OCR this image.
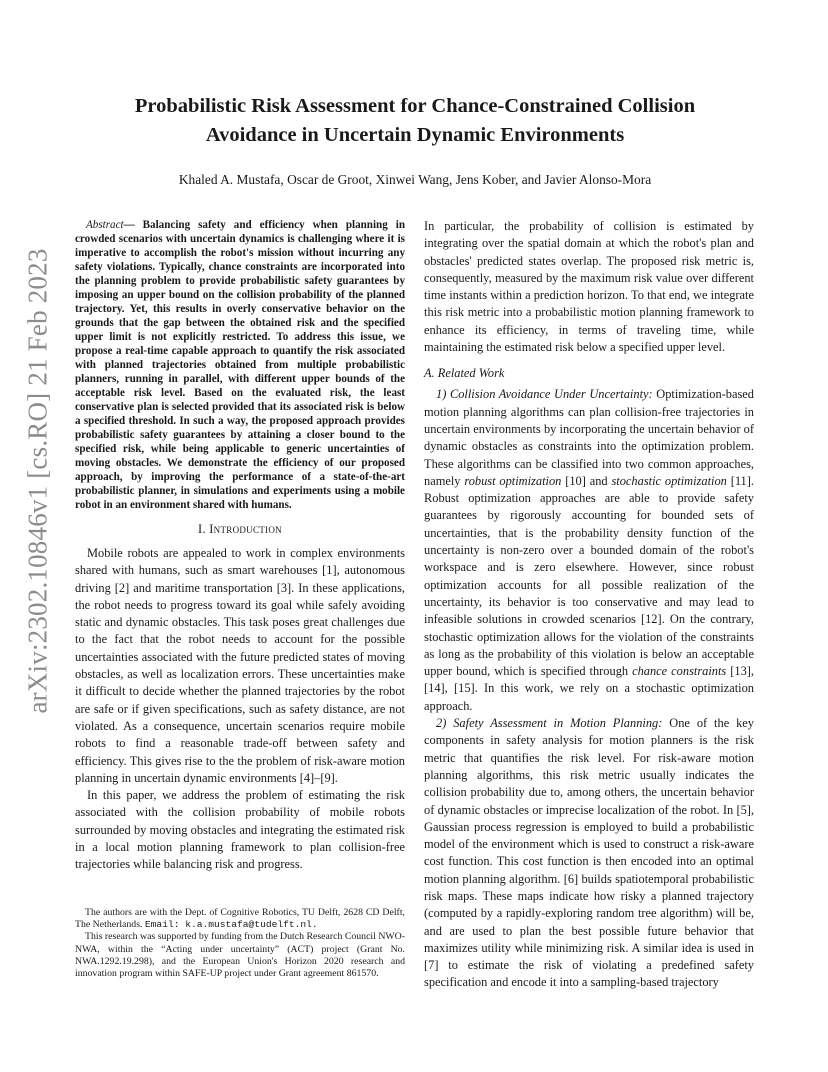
arXiv:2302.10846v1 [cs.RO] 21 Feb 2023
Probabilistic Risk Assessment for Chance-Constrained Collision
Avoidance in Uncertain Dynamic Environments
Khaled A. Mustafa, Oscar de Groot, Xinwei Wang, Jens Kober, and Javier Alonso-Mora

Abstract— Balancing safety and efficiency when planning in crowded scenarios with uncertain dynamics is challenging where it is imperative to accomplish the robot's mission without incurring any safety violations. Typically, chance constraints are incorporated into the planning problem to provide probabilistic safety guarantees by imposing an upper bound on the collision probability of the planned trajectory. Yet, this results in overly conservative behavior on the grounds that the gap between the obtained risk and the specified upper limit is not explicitly restricted. To address this issue, we propose a real-time capable approach to quantify the risk associated with planned trajectories obtained from multiple probabilistic planners, running in parallel, with different upper bounds of the acceptable risk level. Based on the evaluated risk, the least conservative plan is selected provided that its associated risk is below a specified threshold. In such a way, the proposed approach provides probabilistic safety guarantees by attaining a closer bound to the specified risk, while being applicable to generic uncertainties of moving obstacles. We demonstrate the efficiency of our proposed approach, by improving the performance of a state-of-the-art probabilistic planner, in simulations and experiments using a mobile robot in an environment shared with humans.

I. Introduction

Mobile robots are appealed to work in complex environments shared with humans, such as smart warehouses [1], autonomous driving [2] and maritime transportation [3]. In these applications, the robot needs to progress toward its goal while safely avoiding static and dynamic obstacles. This task poses great challenges due to the fact that the robot needs to account for the possible uncertainties associated with the future predicted states of moving obstacles, as well as localization errors. These uncertainties make it difficult to decide whether the planned trajectories by the robot are safe or if given specifications, such as safety distance, are not violated. As a consequence, uncertain scenarios require mobile robots to find a reasonable trade-off between safety and efficiency. This gives rise to the the problem of risk-aware motion planning in uncertain dynamic environments [4]–[9].

In this paper, we address the problem of estimating the risk associated with the collision probability of mobile robots surrounded by moving obstacles and integrating the estimated risk in a local motion planning framework to plan collision-free trajectories while balancing risk and progress.

The authors are with the Dept. of Cognitive Robotics, TU Delft, 2628 CD Delft, The Netherlands. Email: k.a.mustafa@tudelft.nl.

This research was supported by funding from the Dutch Research Council NWO-NWA, within the “Acting under uncertainty” (ACT) project (Grant No. NWA.1292.19.298), and the European Union's Horizon 2020 research and innovation program within SAFE-UP project under Grant agreement 861570.

In particular, the probability of collision is estimated by integrating over the spatial domain at which the robot's plan and obstacles' predicted states overlap. The proposed risk metric is, consequently, measured by the maximum risk value over different time instants within a prediction horizon. To that end, we integrate this risk metric into a probabilistic motion planning framework to enhance its efficiency, in terms of traveling time, while maintaining the estimated risk below a specified upper level.

A. Related Work

1) Collision Avoidance Under Uncertainty: Optimization-based motion planning algorithms can plan collision-free trajectories in uncertain environments by incorporating the uncertain behavior of dynamic obstacles as constraints into the optimization problem. These algorithms can be classified into two common approaches, namely robust optimization [10] and stochastic optimization [11]. Robust optimization approaches are able to provide safety guarantees by rigorously accounting for bounded sets of uncertainties, that is the probability density function of the uncertainty is non-zero over a bounded domain of the robot's workspace and is zero elsewhere. However, since robust optimization accounts for all possible realization of the uncertainty, its behavior is too conservative and may lead to infeasible solutions in crowded scenarios [12]. On the contrary, stochastic optimization allows for the violation of the constraints as long as the probability of this violation is below an acceptable upper bound, which is specified through chance constraints [13], [14], [15]. In this work, we rely on a stochastic optimization approach.

2) Safety Assessment in Motion Planning: One of the key components in safety analysis for motion planners is the risk metric that quantifies the risk level. For risk-aware motion planning algorithms, this risk metric usually indicates the collision probability due to, among others, the uncertain behavior of dynamic obstacles or imprecise localization of the robot. In [5], Gaussian process regression is employed to build a probabilistic model of the environment which is used to construct a risk-aware cost function. This cost function is then encoded into an optimal motion planning algorithm. [6] builds spatiotemporal probabilistic risk maps. These maps indicate how risky a planned trajectory (computed by a rapidly-exploring random tree algorithm) will be, and are used to plan the best possible future behavior that maximizes utility while minimizing risk. A similar idea is used in [7] to estimate the risk of violating a predefined safety specification and encode it into a sampling-based trajectory
